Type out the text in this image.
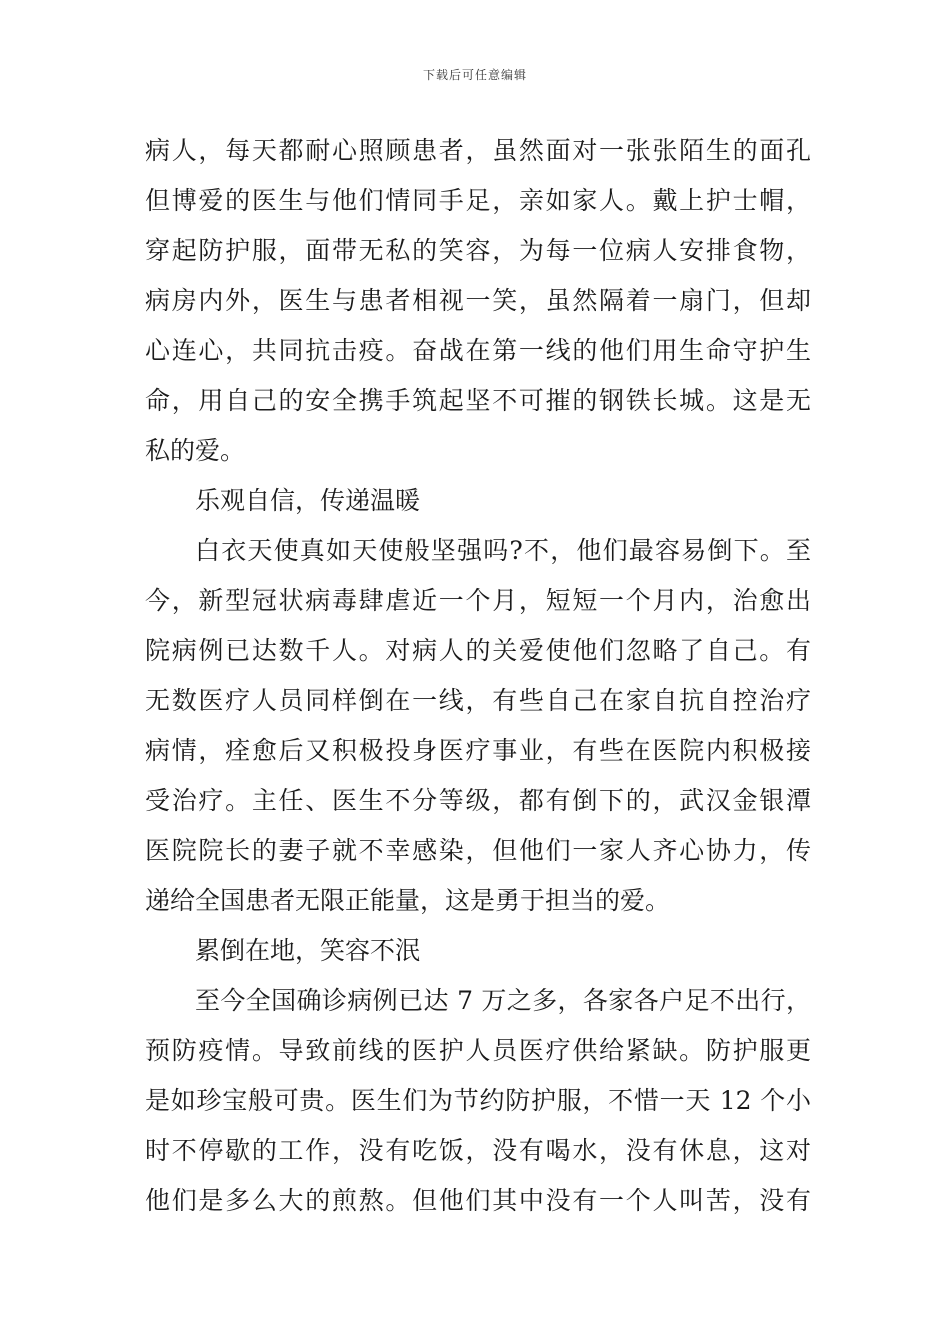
下载后可任意编辑
病人，每天都耐心照顾患者，虽然面对一张张陌生的面孔
但博爱的医生与他们情同手足，亲如家人。戴上护士帽，
穿起防护服，面带无私的笑容，为每一位病人安排食物，
病房内外，医生与患者相视一笑，虽然隔着一扇门，但却
心连心，共同抗击疫。奋战在第一线的他们用生命守护生
命，用自己的安全携手筑起坚不可摧的钢铁长城。这是无
私的爱。
乐观自信，传递温暖
白衣天使真如天使般坚强吗?不，他们最容易倒下。至
今，新型冠状病毒肆虐近一个月，短短一个月内，治愈出
院病例已达数千人。对病人的关爱使他们忽略了自己。有
无数医疗人员同样倒在一线，有些自己在家自抗自控治疗
病情，痊愈后又积极投身医疗事业，有些在医院内积极接
受治疗。主任、医生不分等级，都有倒下的，武汉金银潭
医院院长的妻子就不幸感染，但他们一家人齐心协力，传
递给全国患者无限正能量，这是勇于担当的爱。
累倒在地，笑容不泯
至今全国确诊病例已达 7 万之多，各家各户足不出行，
预防疫情。导致前线的医护人员医疗供给紧缺。防护服更
是如珍宝般可贵。医生们为节约防护服，不惜一天 12 个小
时不停歇的工作，没有吃饭，没有喝水，没有休息，这对
他们是多么大的煎熬。但他们其中没有一个人叫苦，没有
